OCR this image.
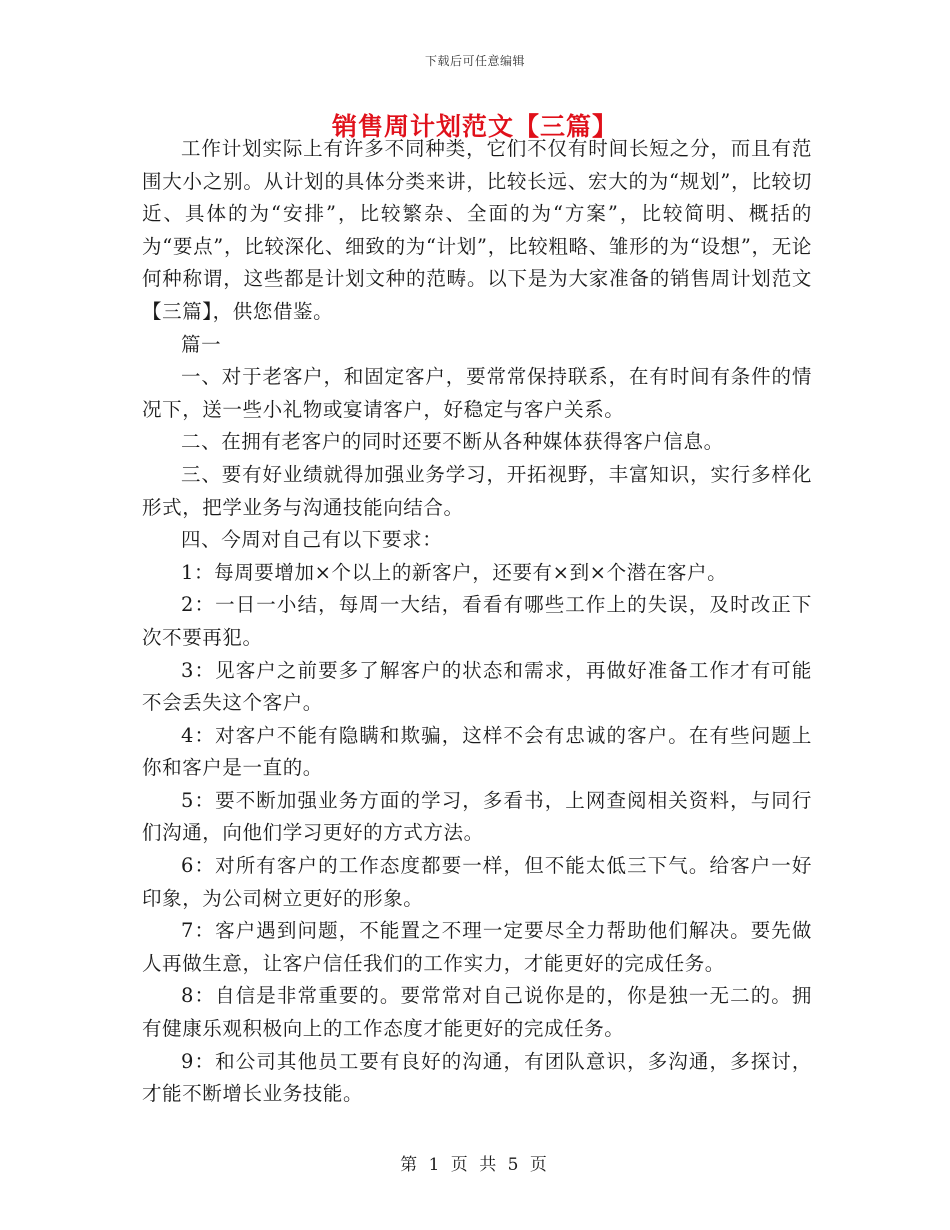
下载后可任意编辑
销售周计划范文【三篇】

工作计划实际上有许多不同种类，它们不仅有时间长短之分，而且有范围大小之别。从计划的具体分类来讲，比较长远、宏大的为“规划”，比较切近、具体的为“安排”，比较繁杂、全面的为“方案”，比较简明、概括的为“要点”，比较深化、细致的为“计划”，比较粗略、雏形的为“设想”，无论何种称谓，这些都是计划文种的范畴。以下是为大家准备的销售周计划范文【三篇】，供您借鉴。

篇一

一、对于老客户，和固定客户，要常常保持联系，在有时间有条件的情况下，送一些小礼物或宴请客户，好稳定与客户关系。

二、在拥有老客户的同时还要不断从各种媒体获得客户信息。

三、要有好业绩就得加强业务学习，开拓视野，丰富知识，实行多样化形式，把学业务与沟通技能向结合。

四、今周对自己有以下要求：

1：每周要增加×个以上的新客户，还要有×到×个潜在客户。

2：一日一小结，每周一大结，看看有哪些工作上的失误，及时改正下次不要再犯。

3：见客户之前要多了解客户的状态和需求，再做好准备工作才有可能不会丢失这个客户。

4：对客户不能有隐瞒和欺骗，这样不会有忠诚的客户。在有些问题上你和客户是一直的。

5：要不断加强业务方面的学习，多看书，上网查阅相关资料，与同行们沟通，向他们学习更好的方式方法。

6：对所有客户的工作态度都要一样，但不能太低三下气。给客户一好印象，为公司树立更好的形象。

7：客户遇到问题，不能置之不理一定要尽全力帮助他们解决。要先做人再做生意，让客户信任我们的工作实力，才能更好的完成任务。

8：自信是非常重要的。要常常对自己说你是的，你是独一无二的。拥有健康乐观积极向上的工作态度才能更好的完成任务。

9：和公司其他员工要有良好的沟通，有团队意识，多沟通，多探讨，才能不断增长业务技能。

第 1 页 共 5 页
